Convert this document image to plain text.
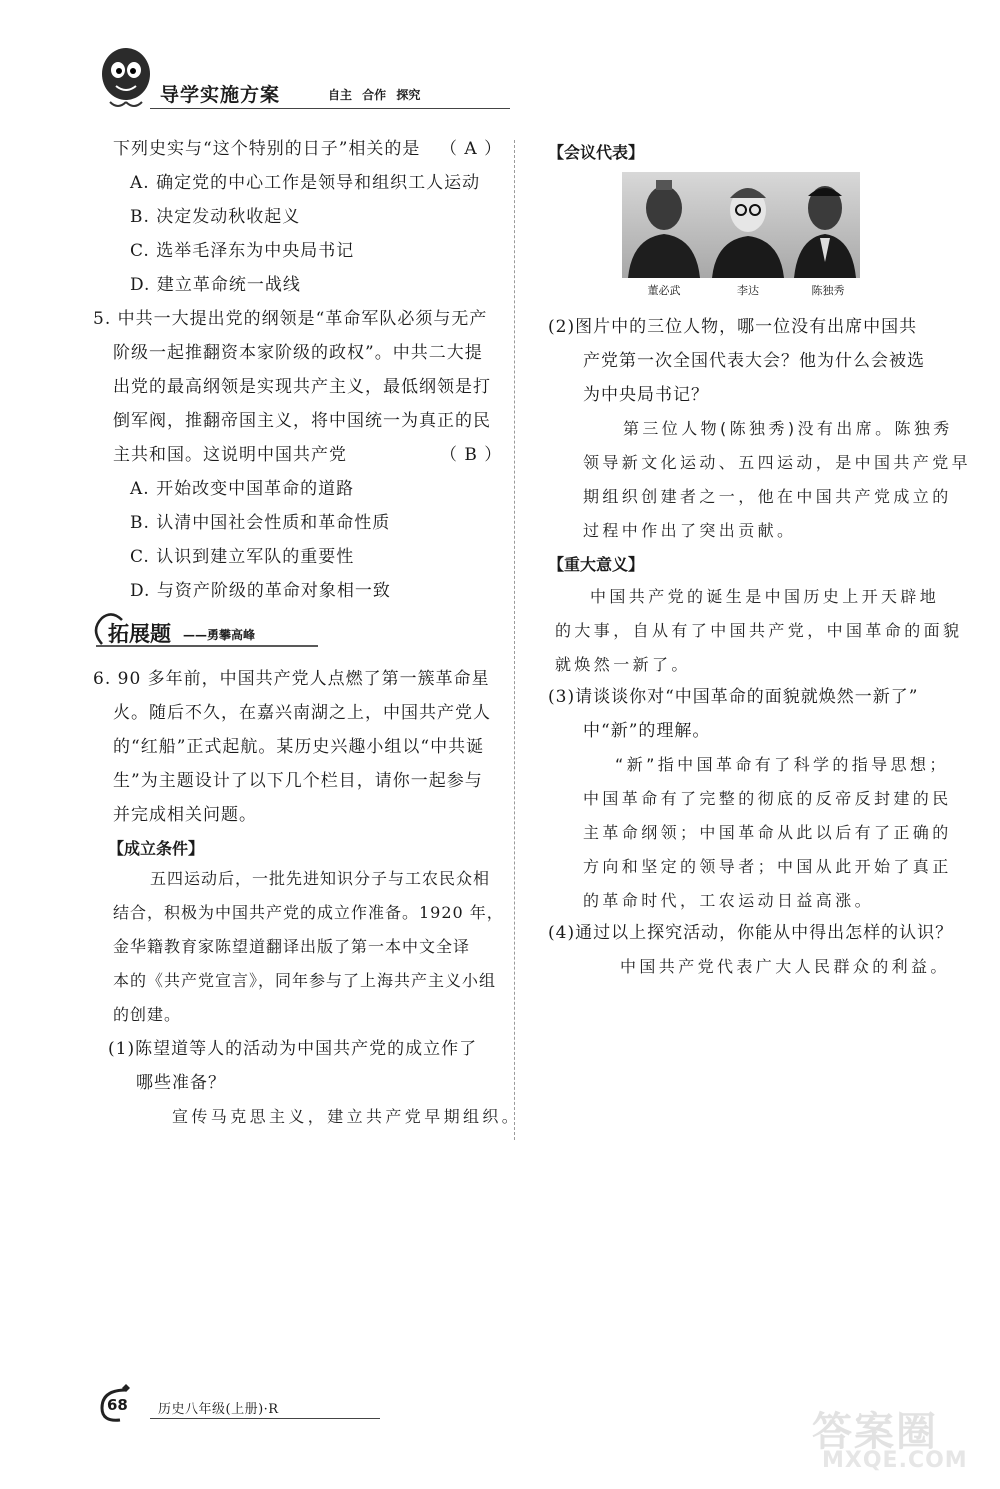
导学实施方案	自主 合作 探究
下列史实与“这个特别的日子”相关的是 （ A ）
A. 确定党的中心工作是领导和组织工人运动
B. 决定发动秋收起义
C. 选举毛泽东为中央局书记
D. 建立革命统一战线
5. 中共一大提出党的纲领是“革命军队必须与无产
阶级一起推翻资本家阶级的政权”。中共二大提
出党的最高纲领是实现共产主义，最低纲领是打
倒军阀，推翻帝国主义，将中国统一为真正的民
主共和国。这说明中国共产党	（ B ）
A. 开始改变中国革命的道路
B. 认清中国社会性质和革命性质
C. 认识到建立军队的重要性
D. 与资产阶级的革命对象相一致
拓展题 ——勇攀高峰
6. 90 多年前，中国共产党人点燃了第一簇革命星
火。随后不久，在嘉兴南湖之上，中国共产党人
的“红船”正式起航。某历史兴趣小组以“中共诞
生”为主题设计了以下几个栏目，请你一起参与
并完成相关问题。
【成立条件】
五四运动后，一批先进知识分子与工农民众相
结合，积极为中国共产党的成立作准备。1920 年，
金华籍教育家陈望道翻译出版了第一本中文全译
本的《共产党宣言》，同年参与了上海共产主义小组
的创建。
(1)陈望道等人的活动为中国共产党的成立作了
哪些准备？
宣传马克思主义，建立共产党早期组织。
【会议代表】
董必武	李达	陈独秀
(2)图片中的三位人物，哪一位没有出席中国共
产党第一次全国代表大会？他为什么会被选
为中央局书记？
第三位人物(陈独秀)没有出席。陈独秀
领导新文化运动、五四运动，是中国共产党早
期组织创建者之一，他在中国共产党成立的
过程中作出了突出贡献。
【重大意义】
中国共产党的诞生是中国历史上开天辟地
的大事，自从有了中国共产党，中国革命的面貌
就焕然一新了。
(3)请谈谈你对“中国革命的面貌就焕然一新了”
中“新”的理解。
“新”指中国革命有了科学的指导思想；
中国革命有了完整的彻底的反帝反封建的民
主革命纲领；中国革命从此以后有了正确的
方向和坚定的领导者；中国从此开始了真正
的革命时代，工农运动日益高涨。
(4)通过以上探究活动，你能从中得出怎样的认识？
中国共产党代表广大人民群众的利益。
68 历史八年级(上册)·R	答案圈
MXQE.COM
